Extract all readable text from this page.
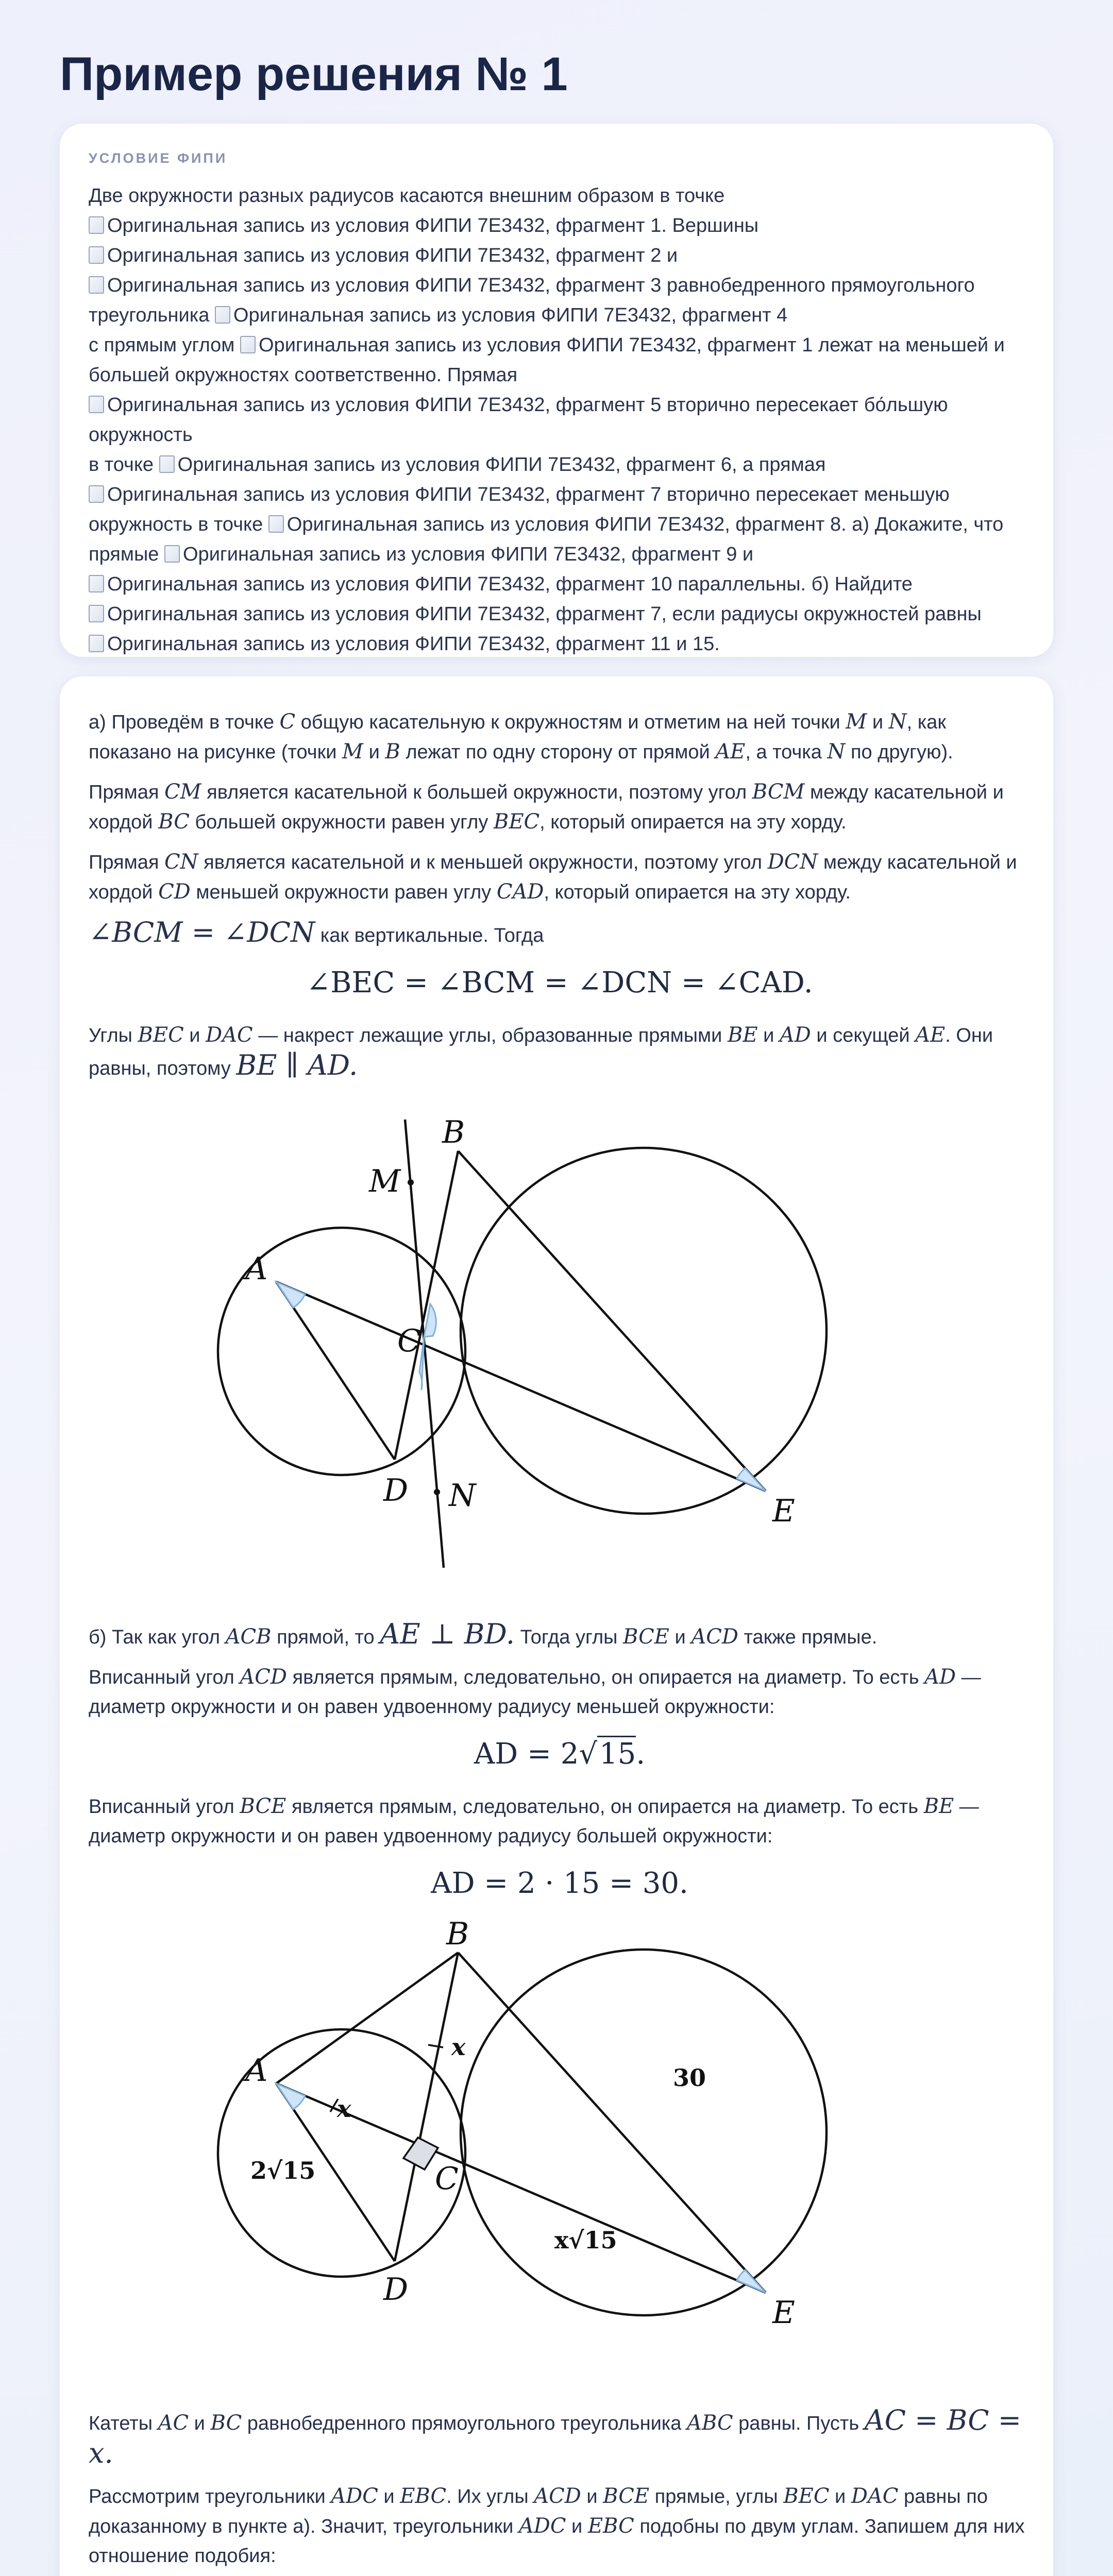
Пример решения № 1
УСЛОВИЕ ФИПИ
Две окружности разных радиусов касаются внешним образом в точке
Оригинальная запись из условия ФИПИ 7E3432, фрагмент 1. Вершины
Оригинальная запись из условия ФИПИ 7E3432, фрагмент 2 и
Оригинальная запись из условия ФИПИ 7E3432, фрагмент 3 равнобедренного прямоугольного
треугольника Оригинальная запись из условия ФИПИ 7E3432, фрагмент 4
с прямым углом Оригинальная запись из условия ФИПИ 7E3432, фрагмент 1 лежат на меньшей и большей окружностях соответственно. Прямая
Оригинальная запись из условия ФИПИ 7E3432, фрагмент 5 вторично пересекает бо́льшую окружность
в точке Оригинальная запись из условия ФИПИ 7E3432, фрагмент 6, а прямая
Оригинальная запись из условия ФИПИ 7E3432, фрагмент 7 вторично пересекает меньшую окружность в точке Оригинальная запись из условия ФИПИ 7E3432, фрагмент 8. а) Докажите, что прямые Оригинальная запись из условия ФИПИ 7E3432, фрагмент 9 и
Оригинальная запись из условия ФИПИ 7E3432, фрагмент 10 параллельны. б) Найдите
Оригинальная запись из условия ФИПИ 7E3432, фрагмент 7, если радиусы окружностей равны
Оригинальная запись из условия ФИПИ 7E3432, фрагмент 11 и 15.

а) Проведём в точке C общую касательную к окружностям и отметим на ней точки M и N, как показано на рисунке (точки M и B лежат по одну сторону от прямой AE, а точка N по другую).

Прямая CM является касательной к большей окружности, поэтому угол BCM между касательной и хордой BC большей окружности равен углу BEC, который опирается на эту хорду.

Прямая CN является касательной и к меньшей окружности, поэтому угол DCN между касательной и хордой CD меньшей окружности равен углу CAD, который опирается на эту хорду.

∠BCM = ∠DCN как вертикальные. Тогда

∠BEC = ∠BCM = ∠DCN = ∠CAD.

Углы BEC и DAC — накрест лежащие углы, образованные прямыми BE и AD и секущей AE. Они равны, поэтому BE ∥ AD.

M
B
A
C
D N	E

б) Так как угол ACB прямой, то AE ⊥ BD. Тогда углы BCE и ACD также прямые.

Вписанный угол ACD является прямым, следовательно, он опирается на диаметр. То есть AD — диаметр окружности и он равен удвоенному радиусу меньшей окружности:

AD = 2√15.

Вписанный угол BCE является прямым, следовательно, он опирается на диаметр. То есть BE — диаметр окружности и он равен удвоенному радиусу большей окружности:

AD = 2 · 15 = 30.
B
A
C
D
E
x
x
2√15
30
x√15

Катеты AC и BC равнобедренного прямоугольного треугольника ABC равны. Пусть AC = BC = x.

Рассмотрим треугольники ADC и EBC. Их углы ACD и BCE прямые, углы BEC и DAC равны по доказанному в пункте а). Значит, треугольники ADC и EBC подобны по двум углам. Запишем для них отношение подобия:
